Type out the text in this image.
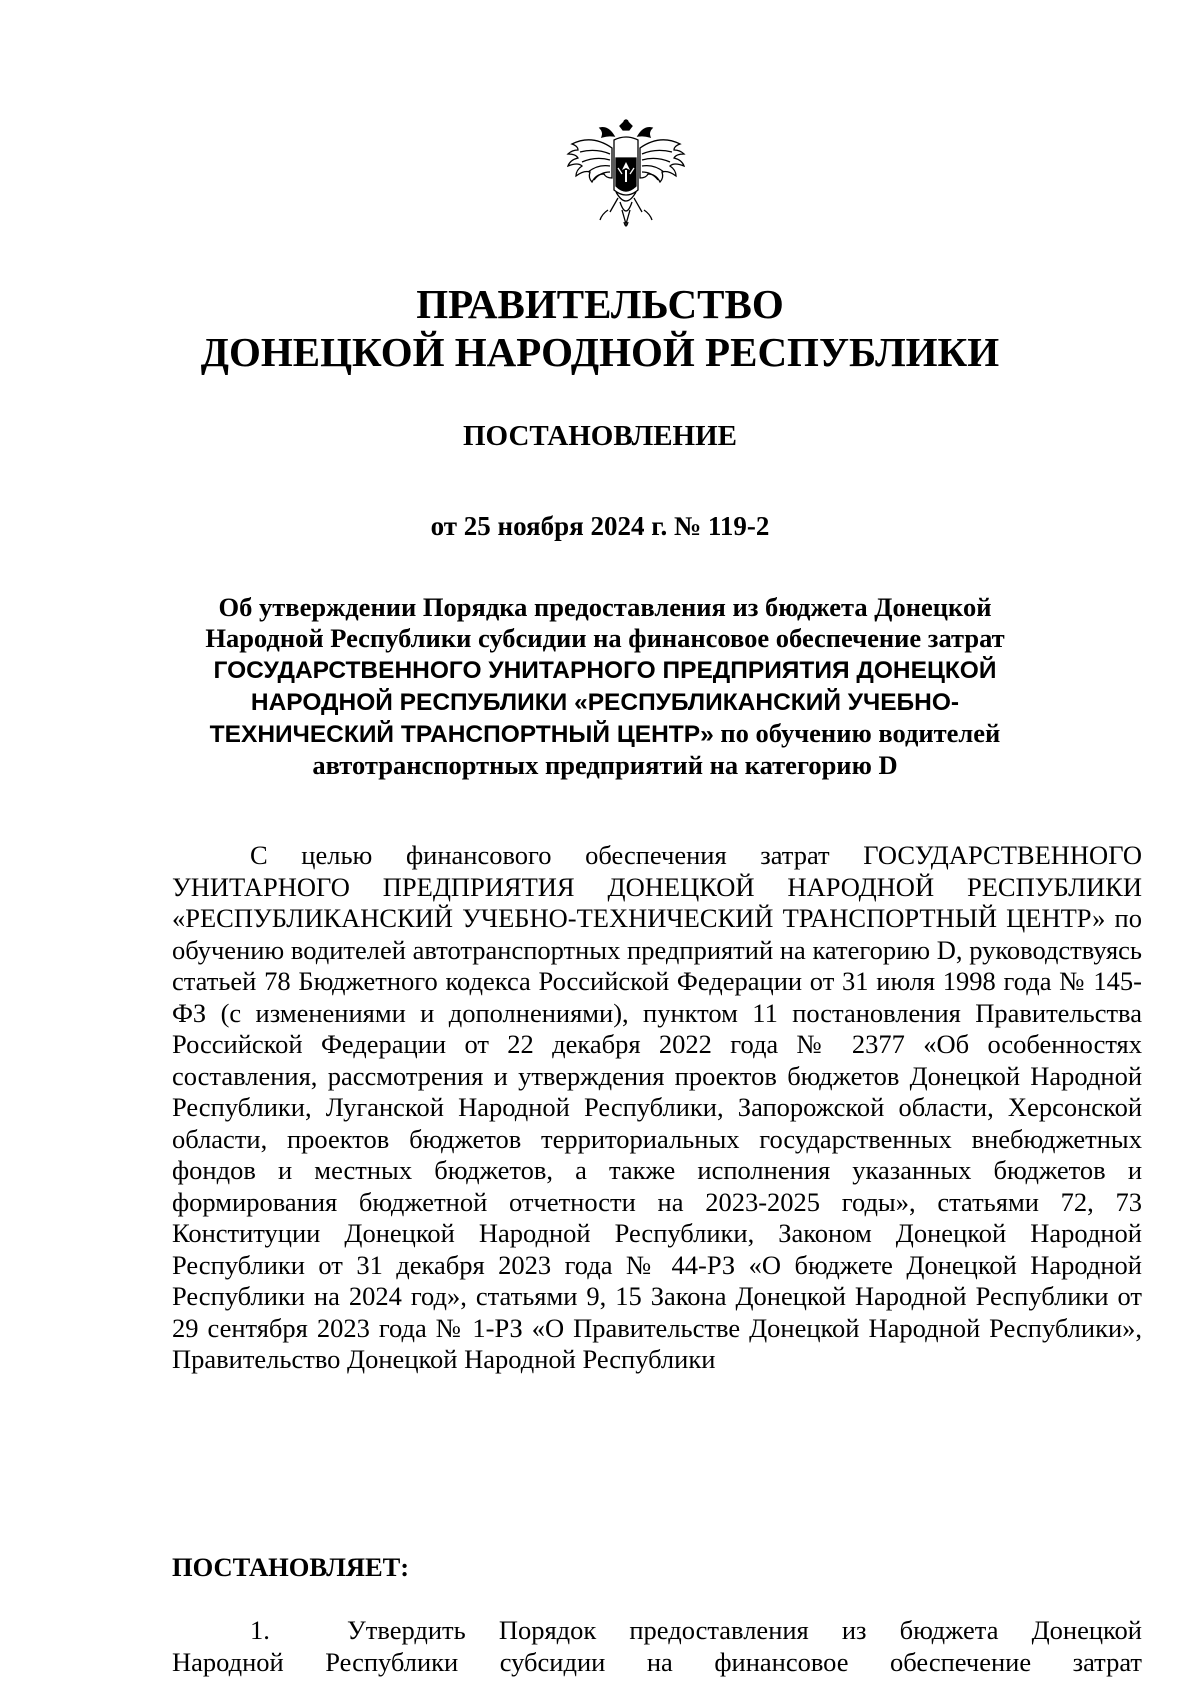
ПРАВИТЕЛЬСТВО
ДОНЕЦКОЙ НАРОДНОЙ РЕСПУБЛИКИ

ПОСТАНОВЛЕНИЕ

от 25 ноября 2024 г. № 119-2

Об утверждении Порядка предоставления из бюджета Донецкой Народной Республики субсидии на финансовое обеспечение затрат ГОСУДАРСТВЕННОГО УНИТАРНОГО ПРЕДПРИЯТИЯ ДОНЕЦКОЙ НАРОДНОЙ РЕСПУБЛИКИ «РЕСПУБЛИКАНСКИЙ УЧЕБНО-ТЕХНИЧЕСКИЙ ТРАНСПОРТНЫЙ ЦЕНТР» по обучению водителей автотранспортных предприятий на категорию D

С целью финансового обеспечения затрат ГОСУДАРСТВЕННОГО УНИТАРНОГО ПРЕДПРИЯТИЯ ДОНЕЦКОЙ НАРОДНОЙ РЕСПУБЛИКИ «РЕСПУБЛИКАНСКИЙ УЧЕБНО-ТЕХНИЧЕСКИЙ ТРАНСПОРТНЫЙ ЦЕНТР» по обучению водителей автотранспортных предприятий на категорию D, руководствуясь статьей 78 Бюджетного кодекса Российской Федерации от 31 июля 1998 года № 145-ФЗ (с изменениями и дополнениями), пунктом 11 постановления Правительства Российской Федерации от 22 декабря 2022 года № 2377 «Об особенностях составления, рассмотрения и утверждения проектов бюджетов Донецкой Народной Республики, Луганской Народной Республики, Запорожской области, Херсонской области, проектов бюджетов территориальных государственных внебюджетных фондов и местных бюджетов, а также исполнения указанных бюджетов и формирования бюджетной отчетности на 2023-2025 годы», статьями 72, 73 Конституции Донецкой Народной Республики, Законом Донецкой Народной Республики от 31 декабря 2023 года № 44-РЗ «О бюджете Донецкой Народной Республики на 2024 год», статьями 9, 15 Закона Донецкой Народной Республики от 29 сентября 2023 года № 1-РЗ «О Правительстве Донецкой Народной Республики», Правительство Донецкой Народной Республики

ПОСТАНОВЛЯЕТ:

1.	Утвердить Порядок предоставления из бюджета Донецкой
Народной Республики субсидии на финансовое обеспечение затрат
